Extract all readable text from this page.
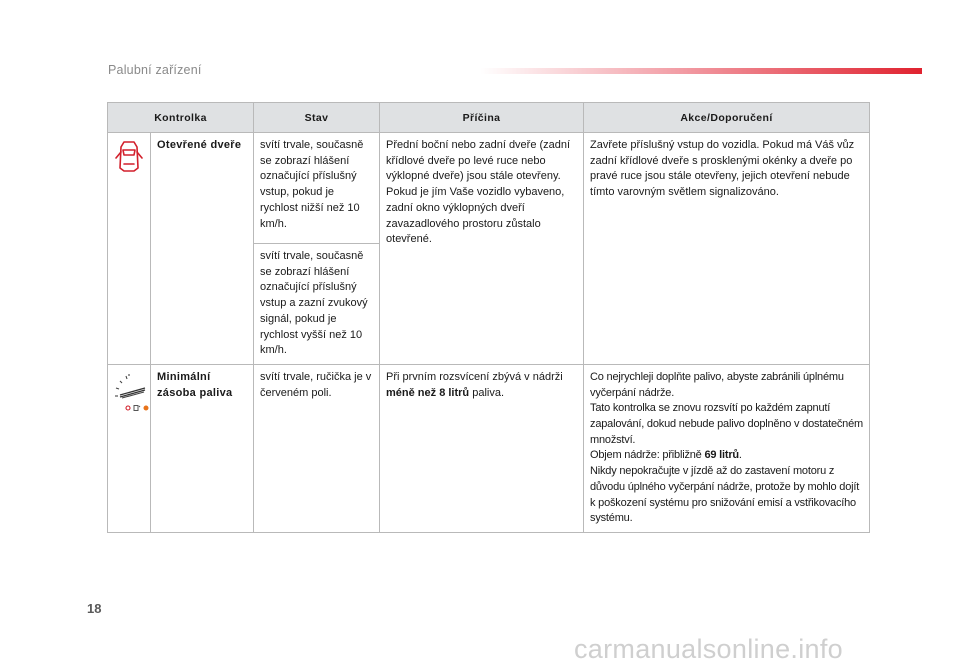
Palubní zařízení
Kontrolka		Stav	Příčina	Akce/Doporučení
	Otevřené dveře	svítí trvale, současně se zobrazí hlášení označující příslušný vstup, pokud je rychlost nižší než 10 km/h.	Přední boční nebo zadní dveře (zadní křídlové dveře po levé ruce nebo výklopné dveře) jsou stále otevřeny. Pokud je jím Vaše vozidlo vybaveno, zadní okno výklopných dveří zavazadlového prostoru zůstalo otevřené.	Zavřete příslušný vstup do vozidla. Pokud má Váš vůz zadní křídlové dveře s prosklenými okénky a dveře po pravé ruce jsou stále otevřeny, jejich otevření nebude tímto varovným světlem signalizováno.
		svítí trvale, současně se zobrazí hlášení označující příslušný vstup a zazní zvukový signál, pokud je rychlost vyšší než 10 km/h.		
	Minimální zásoba paliva	svítí trvale, ručička je v červeném poli.	Při prvním rozsvícení zbývá v nádrži méně než 8 litrů paliva.	Co nejrychleji doplňte palivo, abyste zabránili úplnému vyčerpání nádrže.
Tato kontrolka se znovu rozsvítí po každém zapnutí zapalování, dokud nebude palivo doplněno v dostatečném množství.
Objem nádrže: přibližně 69 litrů.
Nikdy nepokračujte v jízdě až do zastavení motoru z důvodu úplného vyčerpání nádrže, protože by mohlo dojít k poškození systému pro snižování emisí a vstřikovacího systému.
18
carmanualsonline.info
